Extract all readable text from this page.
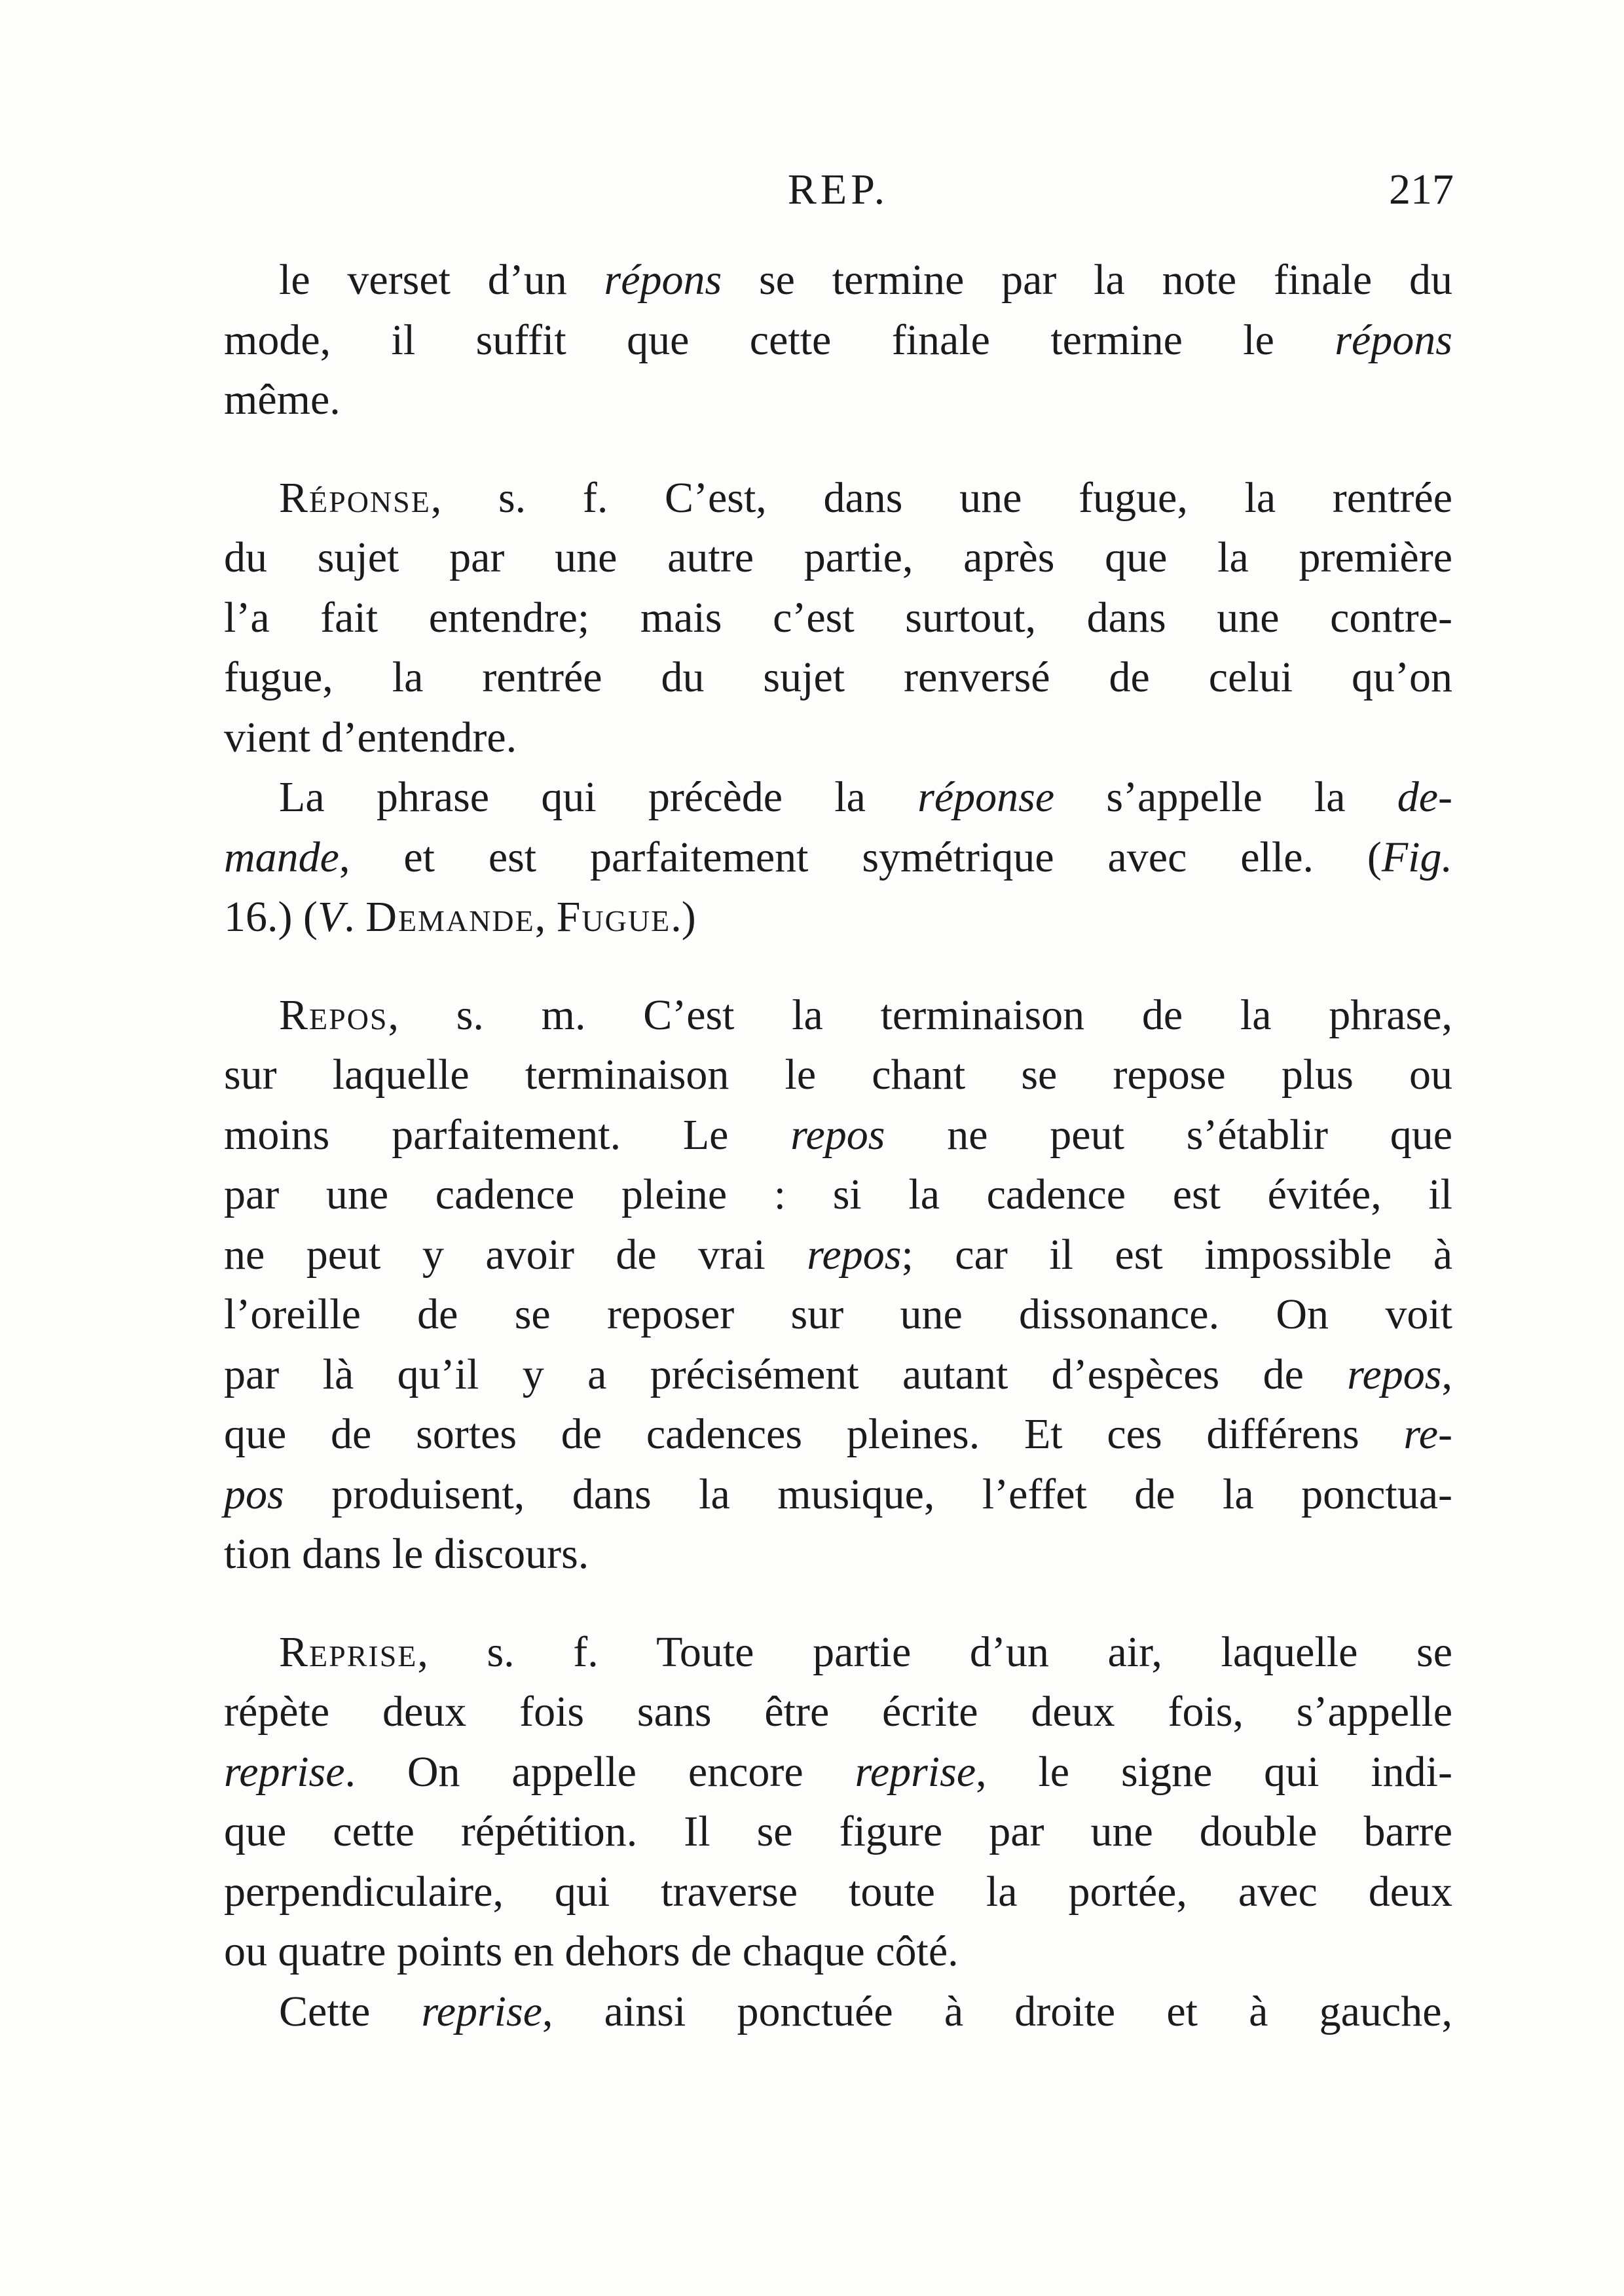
REP.	217
le verset d’un répons se termine par la note finale du
mode, il suffit que cette finale termine le répons
même.
Réponse, s. f. C’est, dans une fugue, la rentrée
du sujet par une autre partie, après que la première
l’a fait entendre; mais c’est surtout, dans une contre-
fugue, la rentrée du sujet renversé de celui qu’on
vient d’entendre.
La phrase qui précède la réponse s’appelle la de-
mande, et est parfaitement symétrique avec elle. (Fig.
16.) (V. Demande, Fugue.)
Repos, s. m. C’est la terminaison de la phrase,
sur laquelle terminaison le chant se repose plus ou
moins parfaitement. Le repos ne peut s’établir que
par une cadence pleine : si la cadence est évitée, il
ne peut y avoir de vrai repos; car il est impossible à
l’oreille de se reposer sur une dissonance. On voit
par là qu’il y a précisément autant d’espèces de repos,
que de sortes de cadences pleines. Et ces différens re-
pos produisent, dans la musique, l’effet de la ponctua-
tion dans le discours.
Reprise, s. f. Toute partie d’un air, laquelle se
répète deux fois sans être écrite deux fois, s’appelle
reprise. On appelle encore reprise, le signe qui indi-
que cette répétition. Il se figure par une double barre
perpendiculaire, qui traverse toute la portée, avec deux
ou quatre points en dehors de chaque côté.
Cette reprise, ainsi ponctuée à droite et à gauche,
